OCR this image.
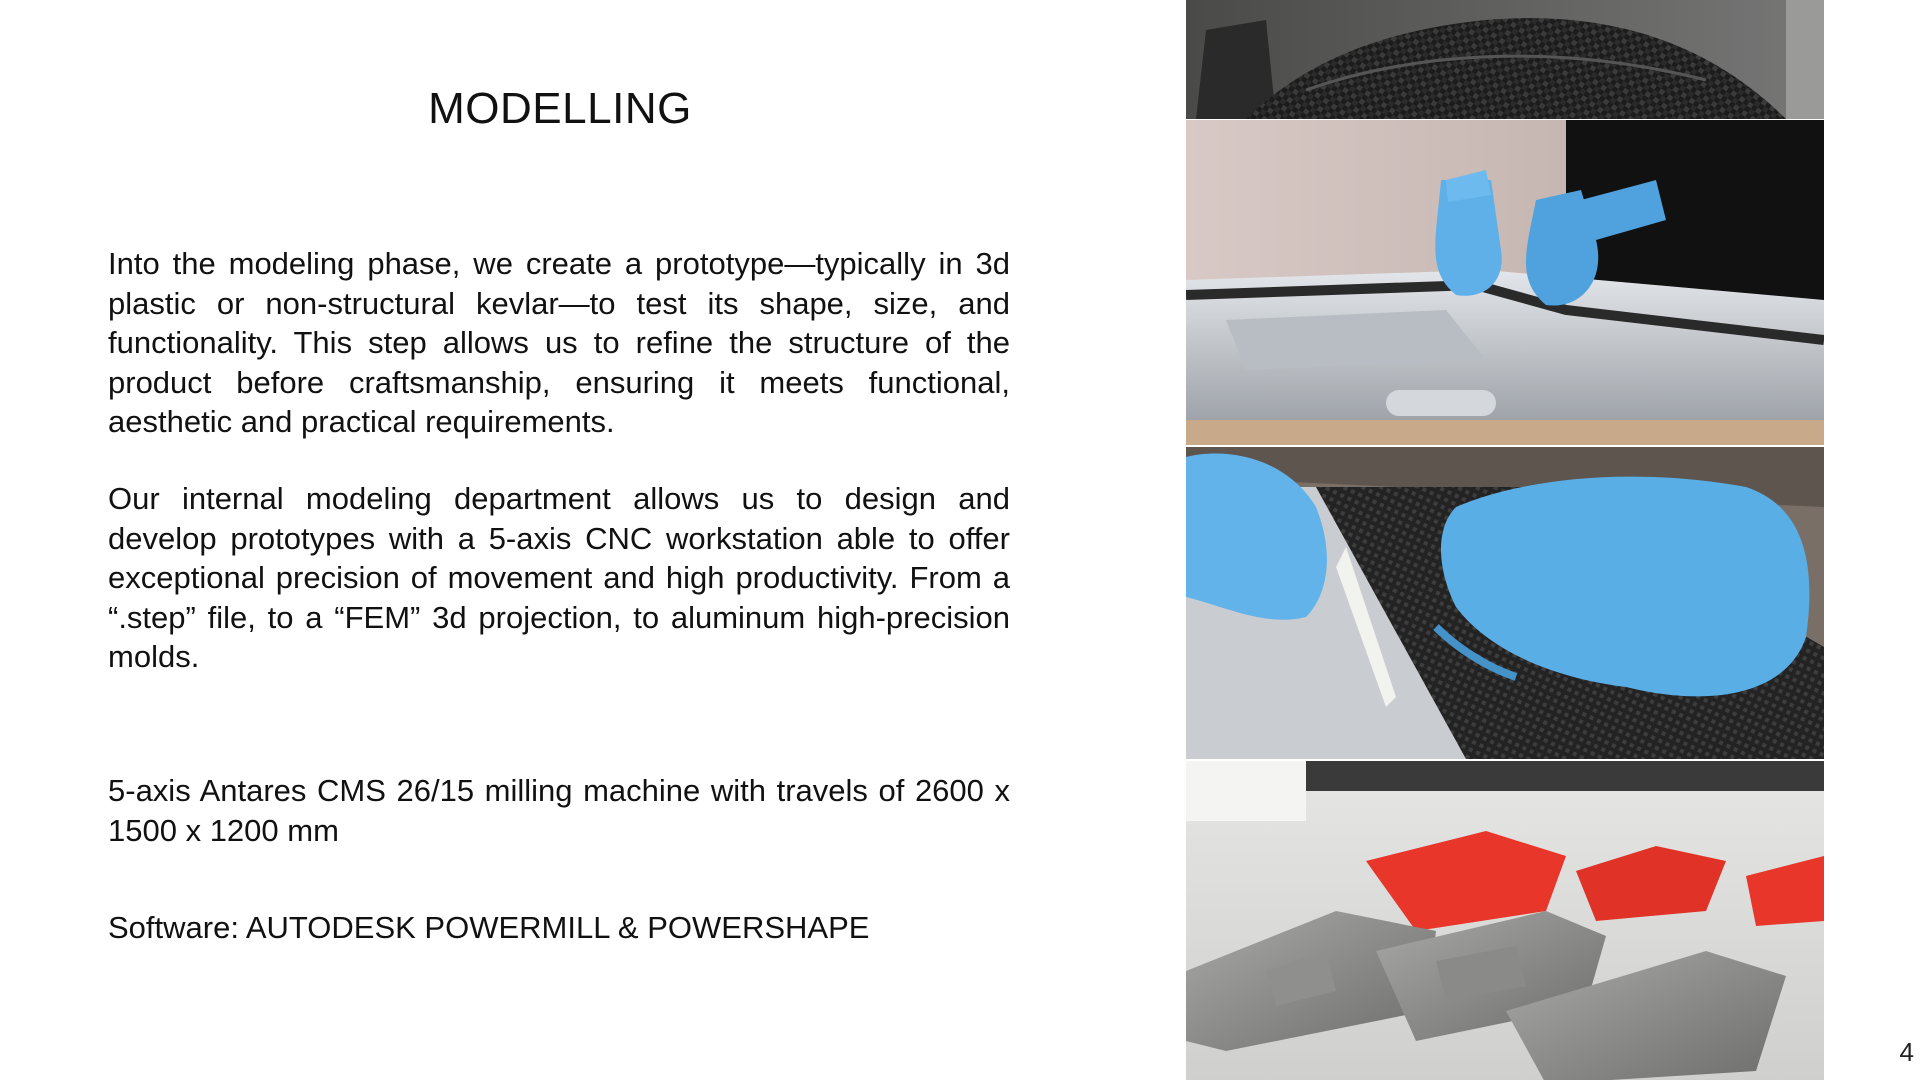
MODELLING

Into the modeling phase, we create a prototype—typically in 3d plastic or non-structural kevlar—to test its shape, size, and functionality. This step allows us to refine the structure of the product before craftsmanship, ensuring it meets functional, aesthetic and practical requirements.

Our internal modeling department allows us to design and develop prototypes with a 5-axis CNC workstation able to offer exceptional precision of movement and high productivity. From a “.step” file, to a “FEM” 3d projection, to aluminum high-precision molds.

5-axis Antares CMS 26/15 milling machine with travels of 2600 x 1500 x 1200 mm

Software: AUTODESK POWERMILL & POWERSHAPE

4
